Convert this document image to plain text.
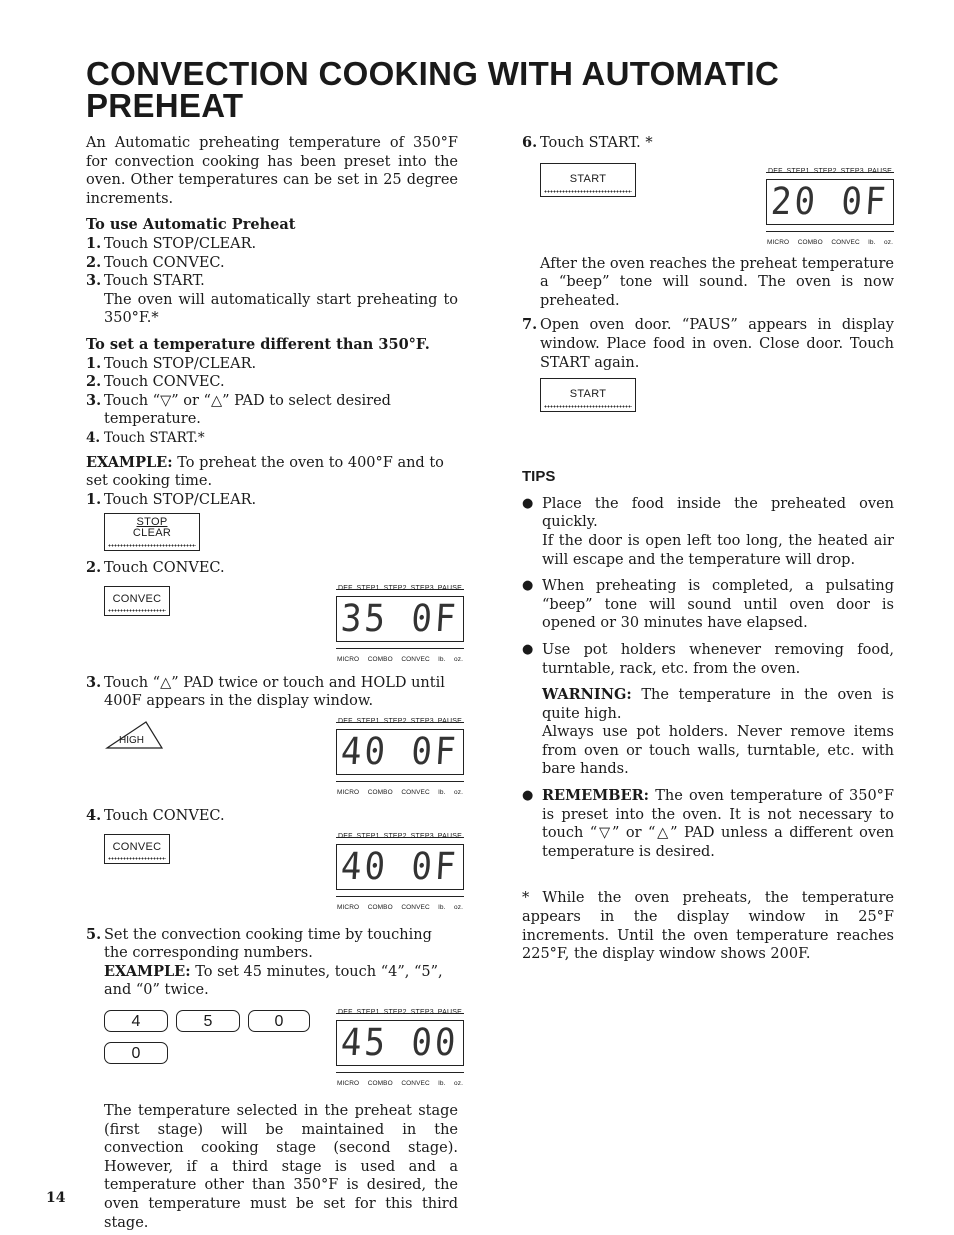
CONVECTION COOKING WITH AUTOMATIC PREHEAT

An Automatic preheating temperature of 350°F for convection cooking has been preset into the oven. Other temperatures can be set in 25 degree increments.

To use Automatic Preheat

1. Touch STOP/CLEAR.
2. Touch CONVEC.
3. Touch START.

The oven will automatically start preheating to 350°F.*

To set a temperature different than 350°F.

1. Touch STOP/CLEAR.
2. Touch CONVEC.
3. Touch “▽” or “△” PAD to select desired temperature.
4. Touch START.*

EXAMPLE: To preheat the oven to 400°F and to set cooking time.

1. Touch STOP/CLEAR.
STOP
CLEAR
2. Touch CONVEC.
CONVEC
DEF STEP1 STEP2 STEP3 PAUSE
35 0F
MICRO COMBO CONVEC lb. oz.
3. Touch “△” PAD twice or touch and HOLD until 400F appears in the display window.
HIGH
DEF STEP1 STEP2 STEP3 PAUSE
40 0F
MICRO COMBO CONVEC lb. oz.
4. Touch CONVEC.
CONVEC
DEF STEP1 STEP2 STEP3 PAUSE
40 0F
MICRO COMBO CONVEC lb. oz.
5. Set the convection cooking time by touching the corresponding numbers.

EXAMPLE: To set 45 minutes, touch “4”, “5”, and “0” twice.

4	5	0
0
DEF STEP1 STEP2 STEP3 PAUSE
45 00
MICRO COMBO CONVEC lb. oz.

The temperature selected in the preheat stage (first stage) will be maintained in the convection cooking stage (second stage). However, if a third stage is used and a temperature other than 350°F is desired, the oven temperature must be set for this third stage.

6. Touch START. *
START
DEF STEP1 STEP2 STEP3 PAUSE
20 0F
MICRO COMBO CONVEC lb. oz.

After the oven reaches the preheat temperature a “beep” tone will sound. The oven is now preheated.

7. Open oven door. “PAUS” appears in display window. Place food in oven. Close door. Touch START again.
START

TIPS

● Place the food inside the preheated oven quickly.
If the door is open left too long, the heated air will escape and the temperature will drop.
● When preheating is completed, a pulsating “beep” tone will sound until oven door is opened or 30 minutes have elapsed.
● Use pot holders whenever removing food, turntable, rack, etc. from the oven.

WARNING: The temperature in the oven is quite high.
Always use pot holders. Never remove items from oven or touch walls, turntable, etc. with bare hands.

● REMEMBER: The oven temperature of 350°F is preset into the oven. It is not necessary to touch “▽” or “△” PAD unless a different oven temperature is desired.

* While the oven preheats, the temperature appears in the display window in 25°F increments. Until the oven temperature reaches 225°F, the display window shows 200F.

14
